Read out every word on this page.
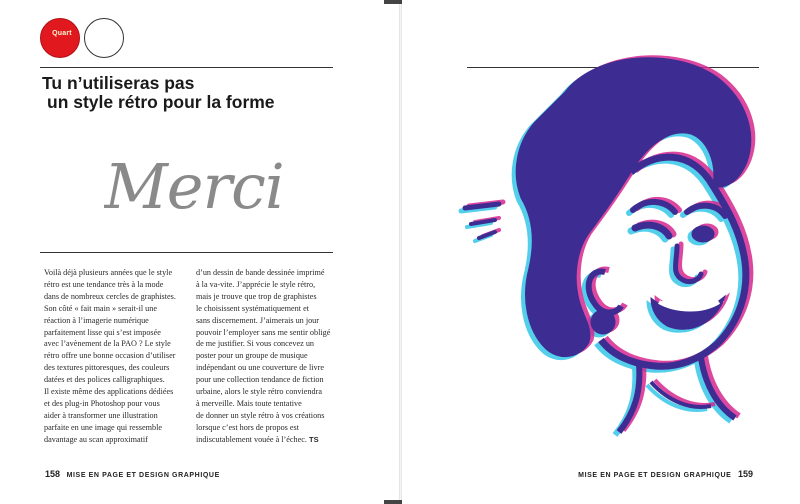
Quart
Tu n’utiliseras pas
un style rétro pour la forme
Merci
Voilà déjà plusieurs années que le style
rétro est une tendance très à la mode
dans de nombreux cercles de graphistes.
Son côté « fait main » serait-il une
réaction à l’imagerie numérique
parfaitement lisse qui s’est imposée
avec l’avènement de la PAO ? Le style
rétro offre une bonne occasion d’utiliser
des textures pittoresques, des couleurs
datées et des polices calligraphiques.
Il existe même des applications dédiées
et des plug-in Photoshop pour vous
aider à transformer une illustration
parfaite en une image qui ressemble
davantage au scan approximatif
d’un dessin de bande dessinée imprimé
à la va-vite. J’apprécie le style rétro,
mais je trouve que trop de graphistes
le choisissent systématiquement et
sans discernement. J’aimerais un jour
pouvoir l’employer sans me sentir obligé
de me justifier. Si vous concevez un
poster pour un groupe de musique
indépendant ou une couverture de livre
pour une collection tendance de fiction
urbaine, alors le style rétro conviendra
à merveille. Mais toute tentative
de donner un style rétro à vos créations
lorsque c’est hors de propos est
indiscutablement vouée à l’échec. TS
158 MISE EN PAGE ET DESIGN GRAPHIQUE	MISE EN PAGE ET DESIGN GRAPHIQUE 159
